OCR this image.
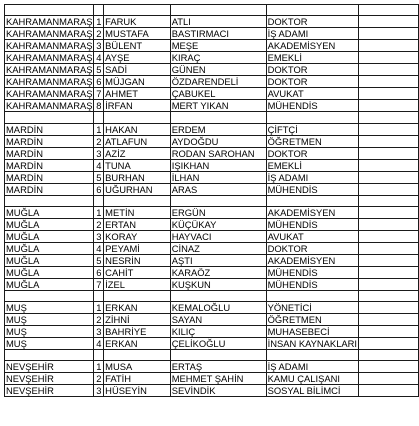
KAHRAMANMARAŞ	1	FARUK	ATLI	DOKTOR	
KAHRAMANMARAŞ	2	MUSTAFA	BASTIRMACI	İŞ ADAMI	
KAHRAMANMARAŞ	3	BÜLENT	MEŞE	AKADEMİSYEN	
KAHRAMANMARAŞ	4	AYŞE	KIRAÇ	EMEKLİ	
KAHRAMANMARAŞ	5	SADİ	GÜNEN	DOKTOR	
KAHRAMANMARAŞ	6	MÜJGAN	ÖZDARENDELİ	DOKTOR	
KAHRAMANMARAŞ	7	AHMET	ÇABUKEL	AVUKAT	
KAHRAMANMARAŞ	8	İRFAN	MERT YIKAN	MÜHENDİS	

MARDİN	1	HAKAN	ERDEM	ÇİFTÇİ	
MARDİN	2	ATLAFUN	AYDOĞDU	ÖĞRETMEN	
MARDİN	3	AZİZ	RODAN SAROHAN	DOKTOR	
MARDİN	4	TUNA	IŞIKHAN	EMEKLİ	
MARDİN	5	BURHAN	İLHAN	İŞ ADAMI	
MARDİN	6	UĞURHAN	ARAS	MÜHENDİS	

MUĞLA	1	METİN	ERGÜN	AKADEMİSYEN	
MUĞLA	2	ERTAN	KÜÇÜKAY	MÜHENDİS	
MUĞLA	3	KORAY	HAYVACI	AVUKAT	
MUĞLA	4	PEYAMİ	CİNAZ	DOKTOR	
MUĞLA	5	NESRİN	AŞTI	AKADEMİSYEN	
MUĞLA	6	CAHİT	KARAÖZ	MÜHENDİS	
MUĞLA	7	İZEL	KUŞKUN	MÜHENDİS	

MUŞ	1	ERKAN	KEMALOĞLU	YÖNETİCİ	
MUŞ	2	ZİHNİ	SAYAN	ÖĞRETMEN	
MUŞ	3	BAHRİYE	KILIÇ	MUHASEBECİ	
MUŞ	4	ERKAN	ÇELİKOĞLU	İNSAN KAYNAKLARI	

NEVŞEHİR	1	MUSA	ERTAŞ	İŞ ADAMI	
NEVŞEHİR	2	FATİH	MEHMET ŞAHİN	KAMU ÇALIŞANI	
NEVŞEHİR	3	HÜSEYİN	SEVİNDİK	SOSYAL BİLİMCİ	
